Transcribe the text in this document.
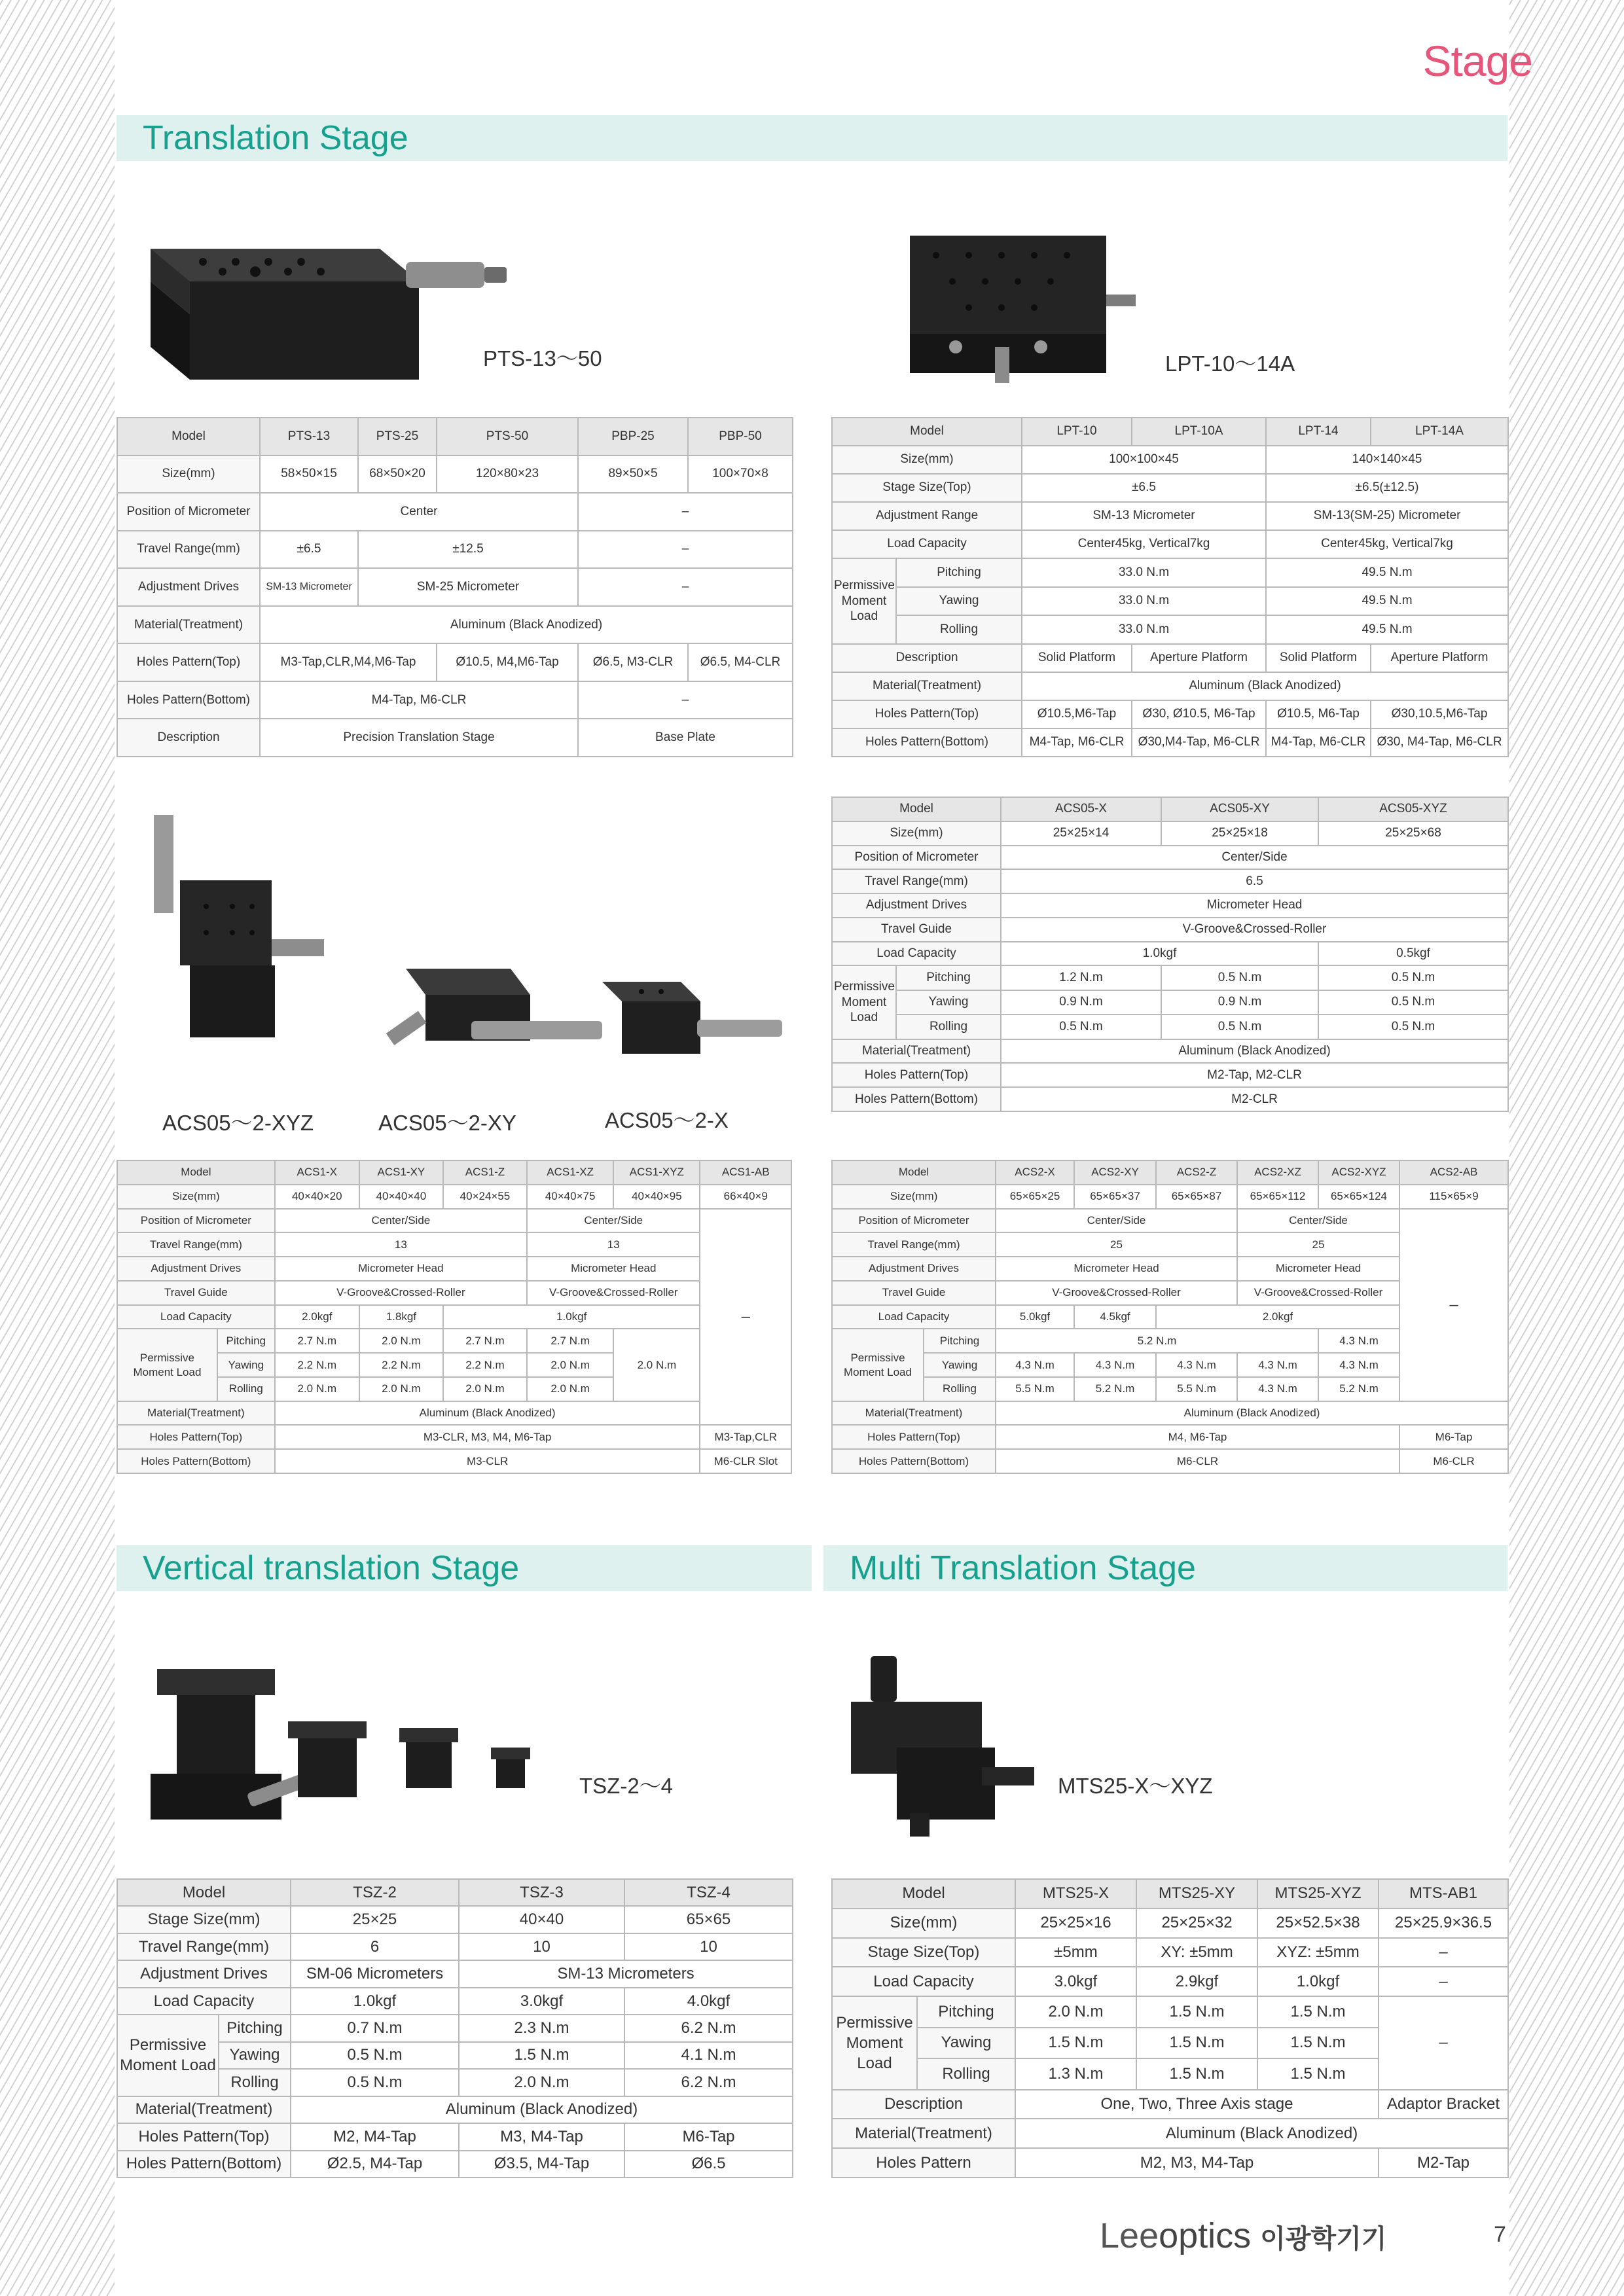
Stage
Translation Stage
PTS-13～50	LPT-10～14A
Model	PTS-13	PTS-25	PTS-50	PBP-25	PBP-50
Size(mm)	58×50×15	68×50×20	120×80×23	89×50×5	100×70×8
Position of Micrometer	Center			–	
Travel Range(mm)	±6.5	±12.5		–	
Adjustment Drives	SM-13 Micrometer	SM-25 Micrometer		–	
Material(Treatment)	Aluminum (Black Anodized)				
Holes Pattern(Top)	M3-Tap,CLR,M4,M6-Tap		Ø10.5, M4,M6-Tap	Ø6.5, M3-CLR	Ø6.5, M4-CLR
Holes Pattern(Bottom)	M4-Tap, M6-CLR			–	
Description	Precision Translation Stage			Base Plate	
Model		LPT-10	LPT-10A	LPT-14	LPT-14A
Size(mm)		100×100×45		140×140×45	
Stage Size(Top)		±6.5		±6.5(±12.5)	
Adjustment Range		SM-13 Micrometer		SM-13(SM-25) Micrometer	
Load Capacity		Center45kg, Vertical7kg		Center45kg, Vertical7kg	
Permissive Moment Load	Pitching	33.0 N.m		49.5 N.m	
	Yawing	33.0 N.m		49.5 N.m	
	Rolling	33.0 N.m		49.5 N.m	
Description		Solid Platform	Aperture Platform	Solid Platform	Aperture Platform
Material(Treatment)		Aluminum (Black Anodized)			
Holes Pattern(Top)		Ø10.5,M6-Tap	Ø30, Ø10.5, M6-Tap	Ø10.5, M6-Tap	Ø30,10.5,M6-Tap
Holes Pattern(Bottom)		M4-Tap, M6-CLR	Ø30,M4-Tap, M6-CLR	M4-Tap, M6-CLR	Ø30, M4-Tap, M6-CLR
ACS05～2-XYZ	ACS05～2-XY	ACS05～2-X
Model		ACS05-X	ACS05-XY	ACS05-XYZ
Size(mm)		25×25×14	25×25×18	25×25×68
Position of Micrometer		Center/Side		
Travel Range(mm)		6.5		
Adjustment Drives		Micrometer Head		
Travel Guide		V-Groove&Crossed-Roller		
Load Capacity		1.0kgf		0.5kgf
Permissive Moment Load	Pitching	1.2 N.m	0.5 N.m	0.5 N.m
	Yawing	0.9 N.m	0.9 N.m	0.5 N.m
	Rolling	0.5 N.m	0.5 N.m	0.5 N.m
Material(Treatment)		Aluminum (Black Anodized)		
Holes Pattern(Top)		M2-Tap, M2-CLR		
Holes Pattern(Bottom)		M2-CLR		
Model		ACS1-X	ACS1-XY	ACS1-Z	ACS1-XZ	ACS1-XYZ	ACS1-AB
Size(mm)		40×40×20	40×40×40	40×24×55	40×40×75	40×40×95	66×40×9
Position of Micrometer		Center/Side			Center/Side		–
Travel Range(mm)		13			13		
Adjustment Drives		Micrometer Head			Micrometer Head		
Travel Guide		V-Groove&Crossed-Roller			V-Groove&Crossed-Roller		
Load Capacity		2.0kgf	1.8kgf	1.0kgf			
Permissive Moment Load	Pitching	2.7 N.m	2.0 N.m	2.7 N.m	2.7 N.m	2.0 N.m	
	Yawing	2.2 N.m	2.2 N.m	2.2 N.m	2.0 N.m		
	Rolling	2.0 N.m	2.0 N.m	2.0 N.m	2.0 N.m		
Material(Treatment)		Aluminum (Black Anodized)					
Holes Pattern(Top)		M3-CLR, M3, M4, M6-Tap					M3-Tap,CLR
Holes Pattern(Bottom)		M3-CLR					M6-CLR Slot
Model		ACS2-X	ACS2-XY	ACS2-Z	ACS2-XZ	ACS2-XYZ	ACS2-AB
Size(mm)		65×65×25	65×65×37	65×65×87	65×65×112	65×65×124	115×65×9
Position of Micrometer		Center/Side			Center/Side		–
Travel Range(mm)		25			25		
Adjustment Drives		Micrometer Head			Micrometer Head		
Travel Guide		V-Groove&Crossed-Roller			V-Groove&Crossed-Roller		
Load Capacity		5.0kgf	4.5kgf	2.0kgf			
Permissive Moment Load	Pitching	5.2 N.m				4.3 N.m	
	Yawing	4.3 N.m	4.3 N.m	4.3 N.m	4.3 N.m	4.3 N.m	
	Rolling	5.5 N.m	5.2 N.m	5.5 N.m	4.3 N.m	5.2 N.m	
Material(Treatment)		Aluminum (Black Anodized)					
Holes Pattern(Top)		M4, M6-Tap					M6-Tap
Holes Pattern(Bottom)		M6-CLR					M6-CLR
Vertical translation Stage	Multi Translation Stage
TSZ-2～4	MTS25-X～XYZ
Model		TSZ-2	TSZ-3	TSZ-4
Stage Size(mm)		25×25	40×40	65×65
Travel Range(mm)		6	10	10
Adjustment Drives		SM-06 Micrometers	SM-13 Micrometers	
Load Capacity		1.0kgf	3.0kgf	4.0kgf
Permissive Moment Load	Pitching	0.7 N.m	2.3 N.m	6.2 N.m
	Yawing	0.5 N.m	1.5 N.m	4.1 N.m
	Rolling	0.5 N.m	2.0 N.m	6.2 N.m
Material(Treatment)		Aluminum (Black Anodized)		
Holes Pattern(Top)		M2, M4-Tap	M3, M4-Tap	M6-Tap
Holes Pattern(Bottom)		Ø2.5, M4-Tap	Ø3.5, M4-Tap	Ø6.5
Model		MTS25-X	MTS25-XY	MTS25-XYZ	MTS-AB1
Size(mm)		25×25×16	25×25×32	25×52.5×38	25×25.9×36.5
Stage Size(Top)		±5mm	XY: ±5mm	XYZ: ±5mm	–
Load Capacity		3.0kgf	2.9kgf	1.0kgf	–
Permissive Moment Load	Pitching	2.0 N.m	1.5 N.m	1.5 N.m	–
	Yawing	1.5 N.m	1.5 N.m	1.5 N.m	
	Rolling	1.3 N.m	1.5 N.m	1.5 N.m	
Description		One, Two, Three Axis stage			Adaptor Bracket
Material(Treatment)		Aluminum (Black Anodized)			
Holes Pattern		M2, M3, M4-Tap			M2-Tap
Leeoptics 이광학기기	7
